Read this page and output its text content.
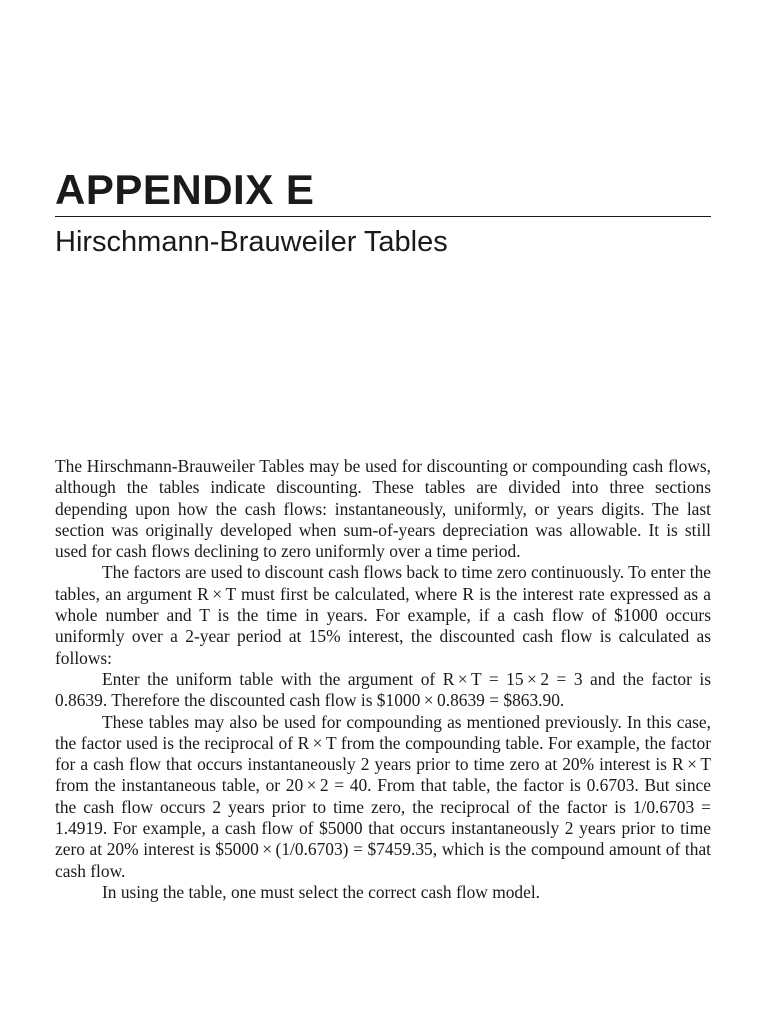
APPENDIX E
Hirschmann-Brauweiler Tables

The Hirschmann-Brauweiler Tables may be used for discounting or compounding cash flows, although the tables indicate discounting. These tables are divided into three sections depending upon how the cash flows: instantaneously, uniformly, or years digits. The last section was originally developed when sum-of-years depreciation was allowable. It is still used for cash flows declining to zero uniformly over a time period.

The factors are used to discount cash flows back to time zero continuously. To enter the tables, an argument R × T must first be calculated, where R is the interest rate expressed as a whole number and T is the time in years. For example, if a cash flow of $1000 occurs uniformly over a 2-year period at 15% interest, the discounted cash flow is calculated as follows:

Enter the uniform table with the argument of R × T = 15 × 2 = 3 and the factor is 0.8639. Therefore the discounted cash flow is $1000 × 0.8639 = $863.90.

These tables may also be used for compounding as mentioned previously. In this case, the factor used is the reciprocal of R × T from the compounding table. For example, the factor for a cash flow that occurs instantaneously 2 years prior to time zero at 20% interest is R × T from the instantaneous table, or 20 × 2 = 40. From that table, the factor is 0.6703. But since the cash flow occurs 2 years prior to time zero, the reciprocal of the factor is 1/0.6703 = 1.4919. For example, a cash flow of $5000 that occurs instantaneously 2 years prior to time zero at 20% interest is $5000 × (1/0.6703) = $7459.35, which is the compound amount of that cash flow.

In using the table, one must select the correct cash flow model.
